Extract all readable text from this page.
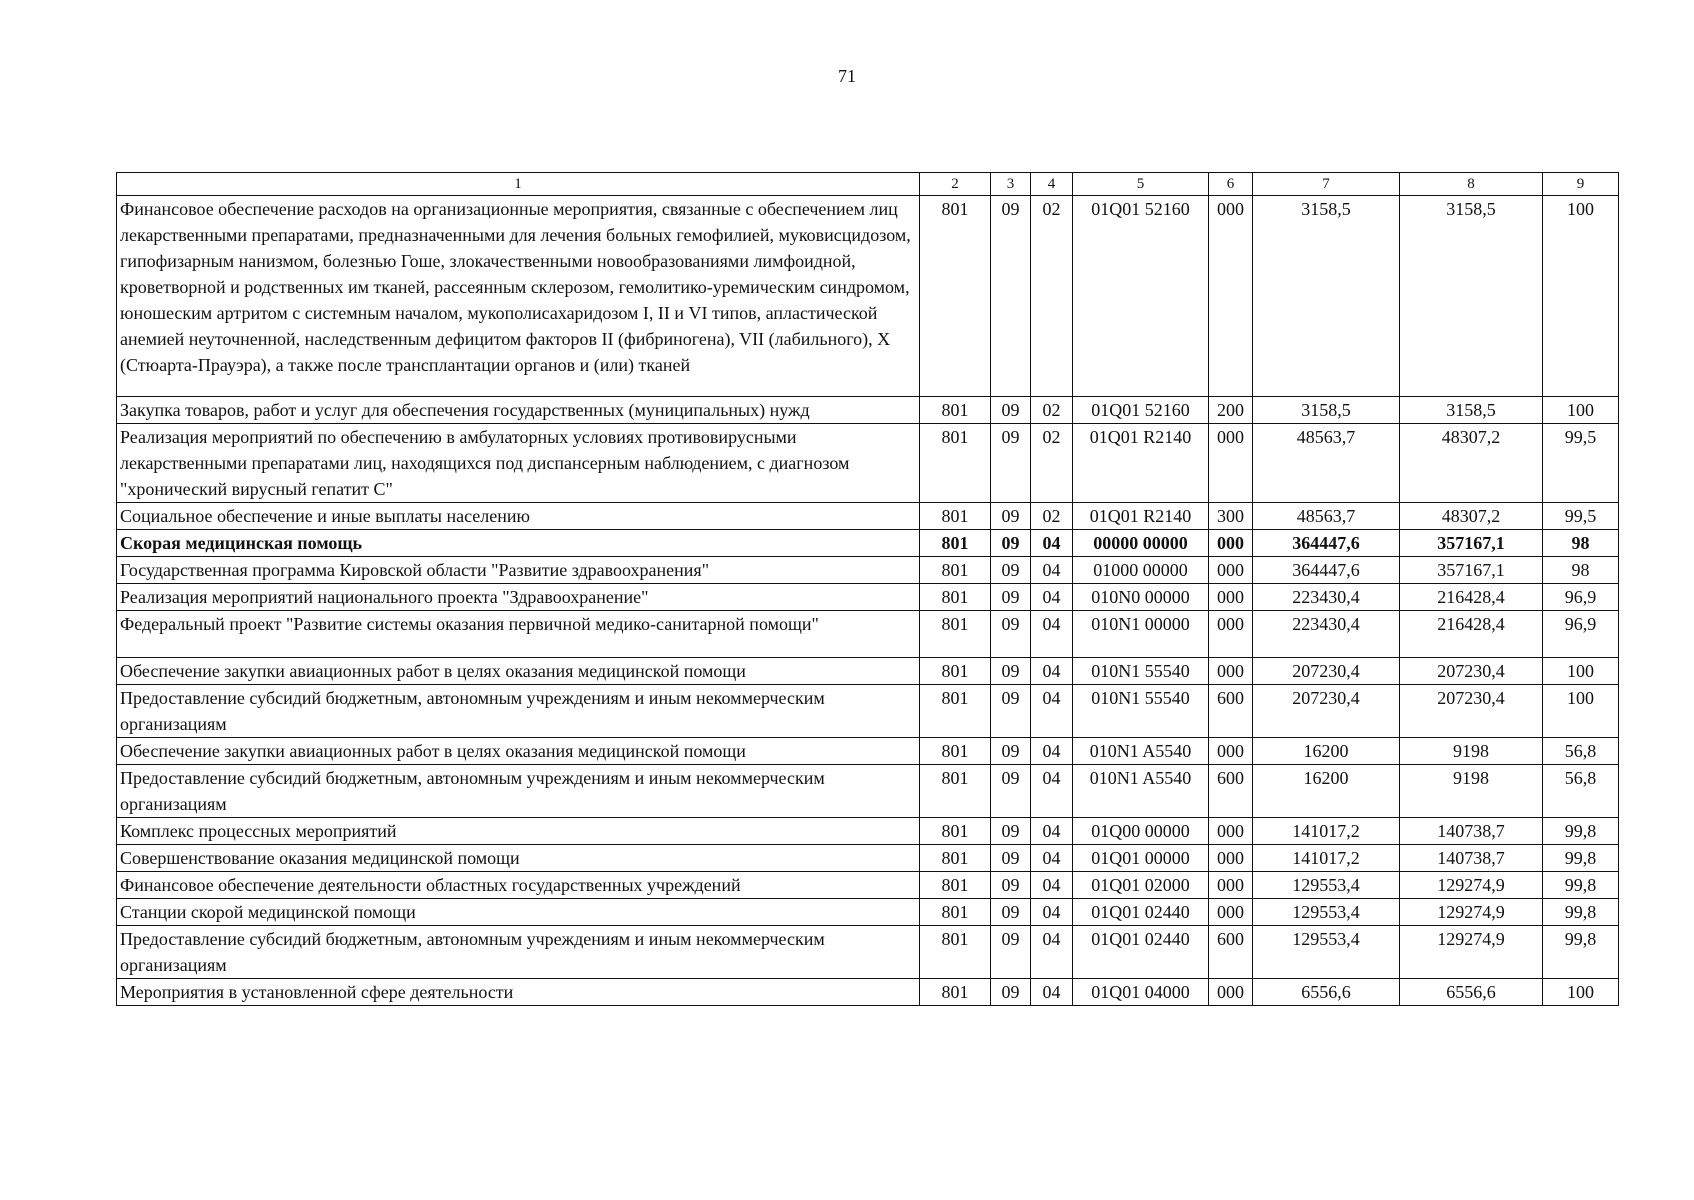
71
1	2	3	4	5	6	7	8	9
Финансовое обеспечение расходов на организационные мероприятия, связанные с обеспечением лиц лекарственными препаратами, предназначенными для лечения больных гемофилией, муковисцидозом, гипофизарным нанизмом, болезнью Гоше, злокачественными новообразованиями лимфоидной, кроветворной и родственных им тканей, рассеянным склерозом, гемолитико-уремическим синдромом, юношеским артритом с системным началом, мукополисахаридозом I, II и VI типов, апластической анемией неуточненной, наследственным дефицитом факторов II (фибриногена), VII (лабильного), X (Стюарта-Прауэра), а также после трансплантации органов и (или) тканей	801	09	02	01Q01 52160	000	3158,5	3158,5	100
Закупка товаров, работ и услуг для обеспечения государственных (муниципальных) нужд	801	09	02	01Q01 52160	200	3158,5	3158,5	100
Реализация мероприятий по обеспечению в амбулаторных условиях противовирусными лекарственными препаратами лиц, находящихся под диспансерным наблюдением, с диагнозом "хронический вирусный гепатит С"	801	09	02	01Q01 R2140	000	48563,7	48307,2	99,5
Социальное обеспечение и иные выплаты населению	801	09	02	01Q01 R2140	300	48563,7	48307,2	99,5
Скорая медицинская помощь	801	09	04	00000 00000	000	364447,6	357167,1	98
Государственная программа Кировской области "Развитие здравоохранения"	801	09	04	01000 00000	000	364447,6	357167,1	98
Реализация мероприятий национального проекта "Здравоохранение"	801	09	04	010N0 00000	000	223430,4	216428,4	96,9
Федеральный проект "Развитие системы оказания первичной медико-санитарной помощи"	801	09	04	010N1 00000	000	223430,4	216428,4	96,9
Обеспечение закупки авиационных работ в целях оказания медицинской помощи	801	09	04	010N1 55540	000	207230,4	207230,4	100
Предоставление субсидий бюджетным, автономным учреждениям и иным некоммерческим организациям	801	09	04	010N1 55540	600	207230,4	207230,4	100
Обеспечение закупки авиационных работ в целях оказания медицинской помощи	801	09	04	010N1 A5540	000	16200	9198	56,8
Предоставление субсидий бюджетным, автономным учреждениям и иным некоммерческим организациям	801	09	04	010N1 A5540	600	16200	9198	56,8
Комплекс процессных мероприятий	801	09	04	01Q00 00000	000	141017,2	140738,7	99,8
Совершенствование оказания медицинской помощи	801	09	04	01Q01 00000	000	141017,2	140738,7	99,8
Финансовое обеспечение деятельности областных государственных учреждений	801	09	04	01Q01 02000	000	129553,4	129274,9	99,8
Станции скорой медицинской помощи	801	09	04	01Q01 02440	000	129553,4	129274,9	99,8
Предоставление субсидий бюджетным, автономным учреждениям и иным некоммерческим организациям	801	09	04	01Q01 02440	600	129553,4	129274,9	99,8
Мероприятия в установленной сфере деятельности	801	09	04	01Q01 04000	000	6556,6	6556,6	100
